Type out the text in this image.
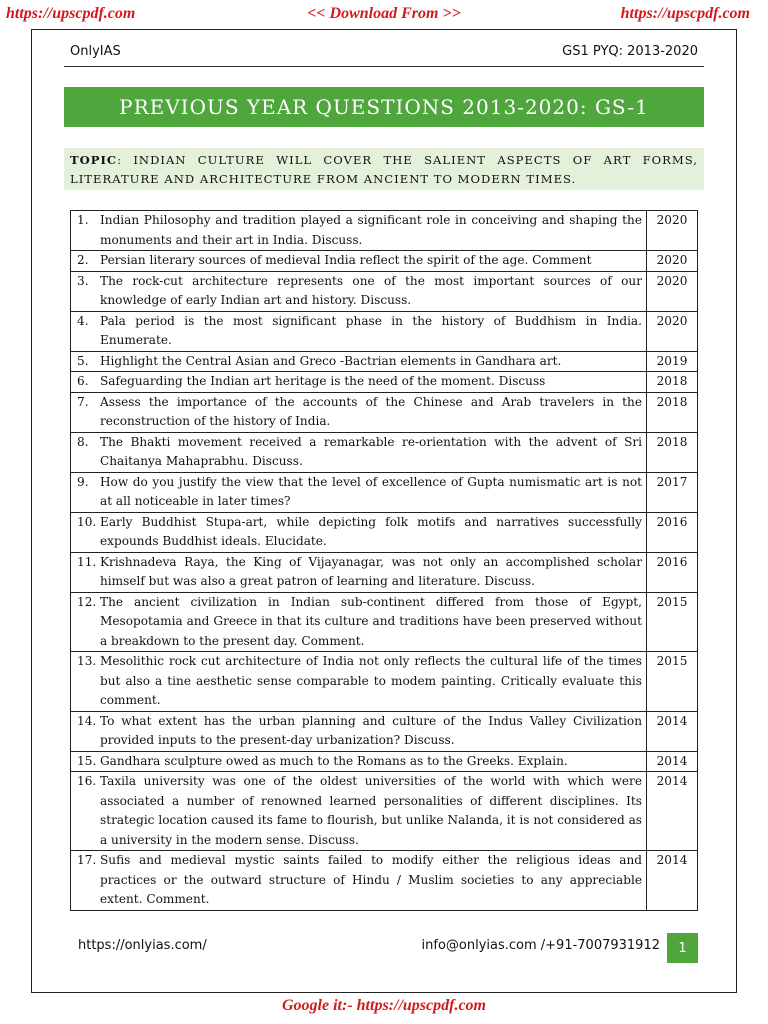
https://upscpdf.com	<< Download From >>	https://upscpdf.com
OnlyIAS	GS1 PYQ: 2013-2020
PREVIOUS YEAR QUESTIONS 2013-2020: GS-1
TOPIC: INDIAN CULTURE WILL COVER THE SALIENT ASPECTS OF ART FORMS, LITERATURE AND ARCHITECTURE FROM ANCIENT TO MODERN TIMES.
1. Indian Philosophy and tradition played a significant role in conceiving and shaping the monuments and their art in India. Discuss.	2020

2. Persian literary sources of medieval India reflect the spirit of the age. Comment	2020

3. The rock-cut architecture represents one of the most important sources of our knowledge of early Indian art and history. Discuss.	2020

4. Pala period is the most significant phase in the history of Buddhism in India. Enumerate.	2020

5. Highlight the Central Asian and Greco -Bactrian elements in Gandhara art.	2019

6. Safeguarding the Indian art heritage is the need of the moment. Discuss	2018

7. Assess the importance of the accounts of the Chinese and Arab travelers in the reconstruction of the history of India.	2018

8. The Bhakti movement received a remarkable re-orientation with the advent of Sri Chaitanya Mahaprabhu. Discuss.	2018

9. How do you justify the view that the level of excellence of Gupta numismatic art is not at all noticeable in later times?	2017

10. Early Buddhist Stupa-art, while depicting folk motifs and narratives successfully expounds Buddhist ideals. Elucidate.	2016

11. Krishnadeva Raya, the King of Vijayanagar, was not only an accomplished scholar himself but was also a great patron of learning and literature. Discuss.	2016

12. The ancient civilization in Indian sub-continent differed from those of Egypt, Mesopotamia and Greece in that its culture and traditions have been preserved without a breakdown to the present day. Comment.	2015

13. Mesolithic rock cut architecture of India not only reflects the cultural life of the times but also a tine aesthetic sense comparable to modem painting. Critically evaluate this comment.	2015

14. To what extent has the urban planning and culture of the Indus Valley Civilization provided inputs to the present-day urbanization? Discuss.	2014

15. Gandhara sculpture owed as much to the Romans as to the Greeks. Explain.	2014

16. Taxila university was one of the oldest universities of the world with which were associated a number of renowned learned personalities of different disciplines. Its strategic location caused its fame to flourish, but unlike Nalanda, it is not considered as a university in the modern sense. Discuss.	2014

17. Sufis and medieval mystic saints failed to modify either the religious ideas and practices or the outward structure of Hindu / Muslim societies to any appreciable extent. Comment.	2014
https://onlyias.com/	info@onlyias.com /+91-7007931912	1
Google it:- https://upscpdf.com
